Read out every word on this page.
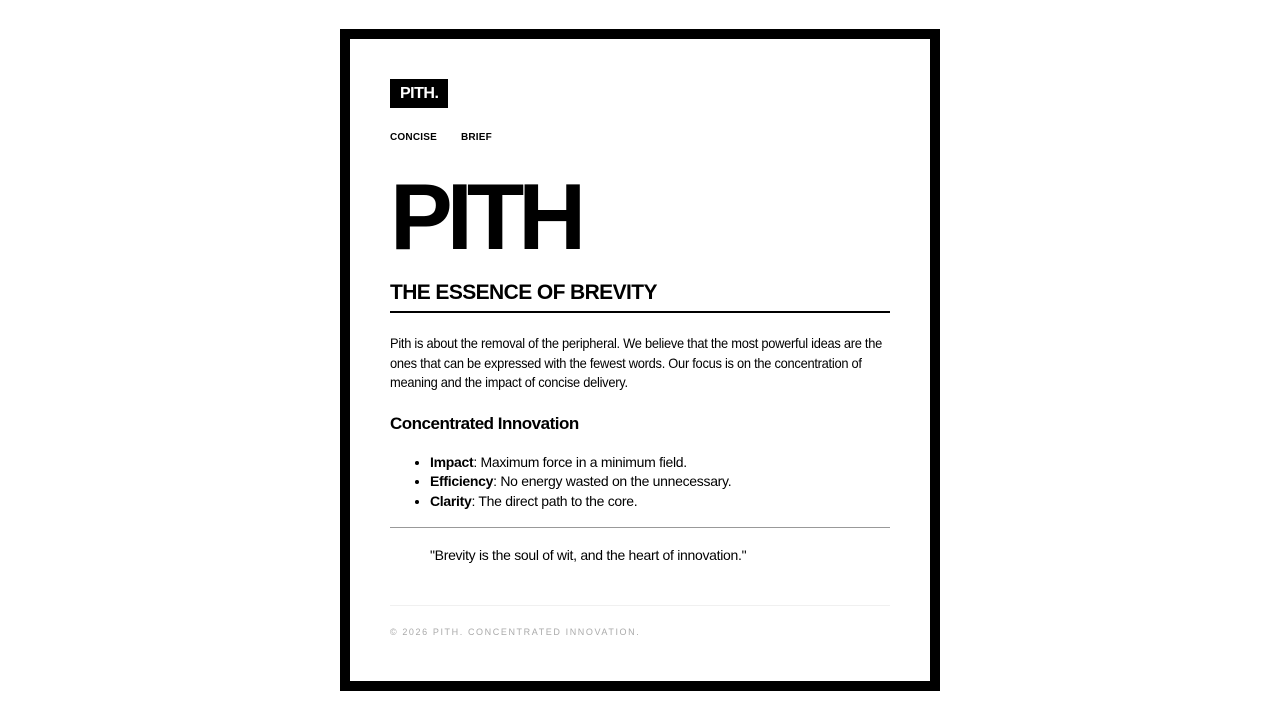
PITH.
CONCISE BRIEF
PITH
THE ESSENCE OF BREVITY

Pith is about the removal of the peripheral. We believe that the most powerful ideas are the ones that can be expressed with the fewest words. Our focus is on the concentration of meaning and the impact of concise delivery.

Concentrated Innovation
• Impact: Maximum force in a minimum field.
• Efficiency: No energy wasted on the unnecessary.
• Clarity: The direct path to the core.
"Brevity is the soul of wit, and the heart of innovation."
© 2026 PITH. CONCENTRATED INNOVATION.
